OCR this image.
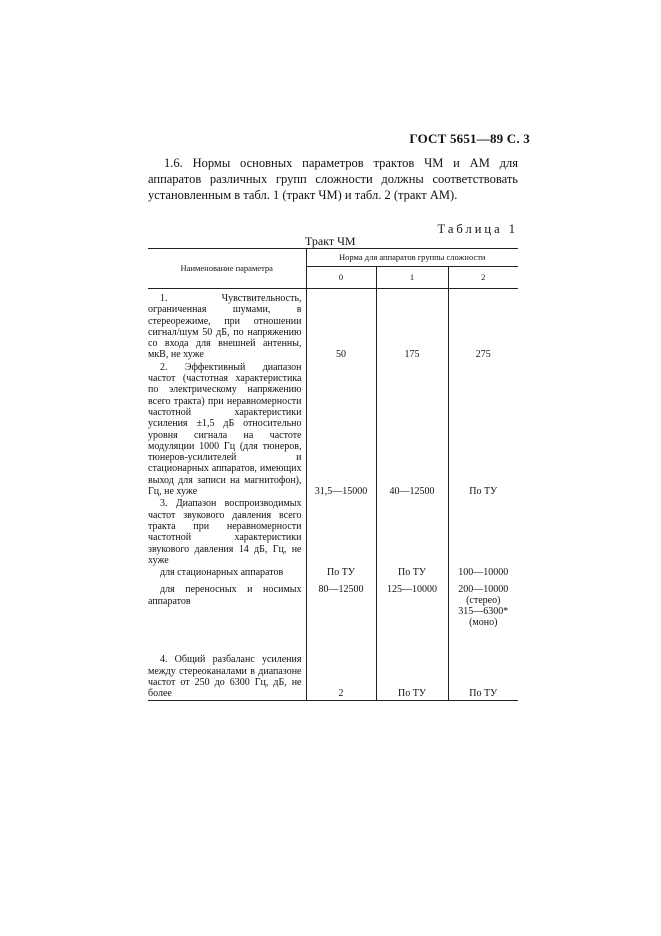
ГОСТ 5651—89 С. 3

1.6. Нормы основных параметров трактов ЧМ и АМ для аппаратов различных групп сложности должны соответствовать установленным в табл. 1 (тракт ЧМ) и табл. 2 (тракт АМ).

Таблица 1
Тракт ЧМ
Наименование параметра	Норма для аппаратов группы сложности		
	0	1	2
1. Чувствительность, ограниченная шумами, в стереорежиме, при отношении сигнал/шум 50 дБ, по напряжению со входа для внешней антенны, мкВ, не хуже	50	175	275
2. Эффективный диапазон частот (частотная характеристика по электрическому напряжению всего тракта) при неравномерности частотной характеристики усиления ±1,5 дБ относительно уровня сигнала на частоте модуляции 1000 Гц (для тюнеров, тюнеров-усилителей и стационарных аппаратов, имеющих выход для записи на магнитофон), Гц, не хуже	31,5—15000	40—12500	По ТУ
3. Диапазон воспроизводимых частот звукового давления всего тракта при неравномерности частотной характеристики звукового давления 14 дБ, Гц, не хуже			
для стационарных аппаратов	По ТУ	По ТУ	100—10000
для переносных и носимых аппаратов	80—12500	125—10000	200—10000
(стерео)
315—6300*
(моно)

4. Общий разбаланс усиления между стереоканалами в диапазоне частот от 250 до 6300 Гц, дБ, не более	2	По ТУ	По ТУ
